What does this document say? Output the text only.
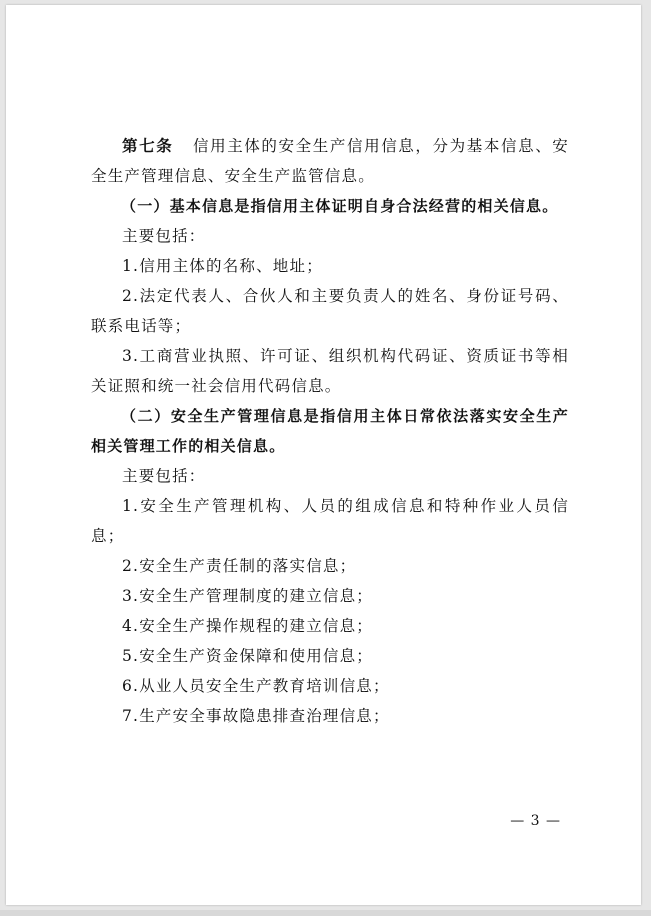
第七条 信用主体的安全生产信用信息，分为基本信息、安全生产管理信息、安全生产监管信息。

（一）基本信息是指信用主体证明自身合法经营的相关信息。

主要包括：

1.信用主体的名称、地址；

2.法定代表人、合伙人和主要负责人的姓名、身份证号码、联系电话等；

3.工商营业执照、许可证、组织机构代码证、资质证书等相关证照和统一社会信用代码信息。

（二）安全生产管理信息是指信用主体日常依法落实安全生产相关管理工作的相关信息。

主要包括：

1.安全生产管理机构、人员的组成信息和特种作业人员信息；

2.安全生产责任制的落实信息；

3.安全生产管理制度的建立信息；

4.安全生产操作规程的建立信息；

5.安全生产资金保障和使用信息；

6.从业人员安全生产教育培训信息；

7.生产安全事故隐患排查治理信息；

— 3 —
